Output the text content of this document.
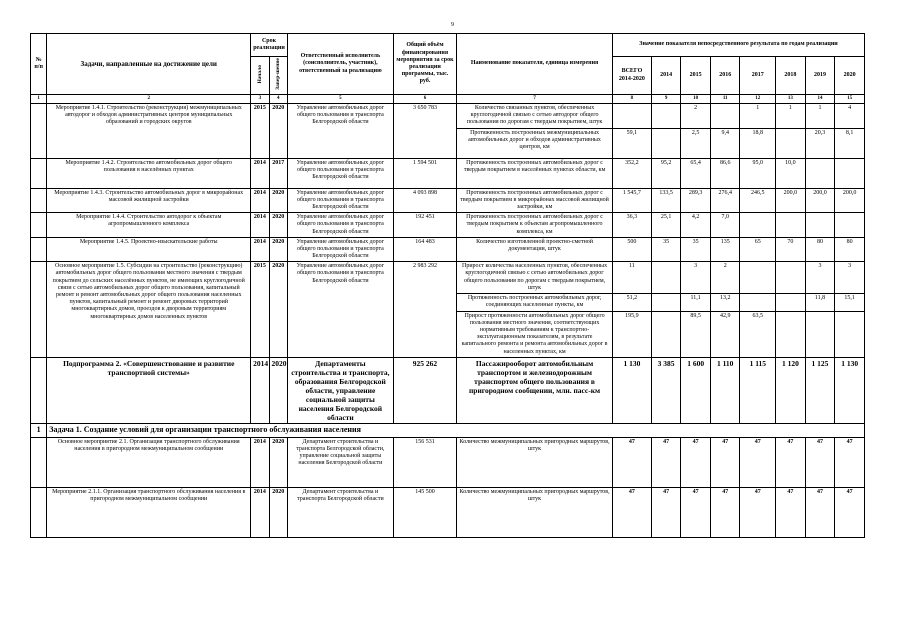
9
№ п/п	Задачи, направленные на достижение цели	Срок реализации		Ответственный исполнитель (соисполнитель, участник), ответственный за реализацию	Общий объём финансирования мероприятия за срок реализации программы, тыс. руб.	Наименование показателя, единица измерения	Значение показателя непосредственного результата по годам реализации							
		Начало	Завер-шение				ВСЕГО 2014-2020	2014	2015	2016	2017	2018	2019	2020
1	2	3	4	5	6	7	8	9	10	11	12	13	14	15
	Мероприятие 1.4.1. Строительство (реконструкция) межмуниципальных автодорог и обходов административных центров муниципальных образований и городских округов	2015	2020	Управление автомобильных дорог общего пользования и транспорта Белгородской области	3 650 783	Количество связанных пунктов, обеспеченных круглогодичной связью с сетью автодорог общего пользования по дорогам с твердым покрытием, штук			2		1	1	1	4
						Протяженность построенных межмуниципальных автомобильных дорог и обходов административных центров, км	59,1		2,5	9,4	18,8		20,3	8,1
	Мероприятие 1.4.2. Строительство автомобильных дорог общего пользования в населённых пунктах	2014	2017	Управление автомобильных дорог общего пользования и транспорта Белгородской области	1 594 501	Протяженность построенных автомобильных дорог с твердым покрытием в населённых пунктах области, км	352,2	95,2	65,4	86,6	95,0	10,0		
	Мероприятие 1.4.3. Строительство автомобильных дорог в микрорайонах массовой жилищной застройки	2014	2020	Управление автомобильных дорог общего пользования и транспорта Белгородской области	4 093 898	Протяженность построенных автомобильных дорог с твердым покрытием в микрорайонах массовой жилищной застройки, км	1 545,7	133,5	289,3	276,4	246,5	200,0	200,0	200,0
	Мероприятие 1.4.4. Строительство автодорог к объектам агропромышленного комплекса	2014	2020	Управление автомобильных дорог общего пользования и транспорта Белгородской области	192 451	Протяженность построенных автомобильных дорог с твердым покрытием к объектам агропромышленного комплекса, км	36,3	25,1	4,2	7,0				
	Мероприятие 1.4.5. Проектно-изыскательские работы	2014	2020	Управление автомобильных дорог общего пользования и транспорта Белгородской области	164 483	Количество изготовленной проектно-сметной документации, штук	500	35	35	135	65	70	80	80
	Основное мероприятие 1.5. Субсидии на строительство (реконструкцию) автомобильных дорог общего пользования местного значения с твердым покрытием до сельских населённых пунктов, не имеющих круглогодичной связи с сетью автомобильных дорог общего пользования, капитальный ремонт и ремонт автомобильных дорог общего пользования населенных пунктов, капитальный ремонт и ремонт дворовых территорий многоквартирных домов, проездов к дворовым территориям многоквартирных домов населенных пунктов	2015	2020	Управление автомобильных дорог общего пользования и транспорта Белгородской области	2 983 292	Прирост количества населенных пунктов, обеспеченных круглогодичной связью с сетью автомобильных дорог общего пользования по дорогам с твердым покрытием, штук	11		3	2			3	3
						Протяженность построенных автомобильных дорог, соединяющих населенные пункты, км	51,2		11,1	13,2			11,8	15,1
						Прирост протяженности автомобильных дорог общего пользования местного значения, соответствующих нормативным требованиям к транспортно-эксплуатационным показателям, в результате капитального ремонта и ремонта автомобильных дорог в населенных пунктах, км	195,9		89,5	42,9	63,5			
	Подпрограмма 2. «Совершенствование и развитие транспортной системы»	2014	2020	Департаменты строительства и транспорта, образования Белгородской области, управление социальной защиты населения Белгородской области	925 262	Пассажирооборот автомобильным транспортом и железнодорожным транспортом общего пользования в пригородном сообщении, млн. пасс-км	1 130	3 385	1 600	1 110	1 115	1 120	1 125	1 130
1	Задача 1. Создание условий для организации транспортного обслуживания населения													
	Основное мероприятие 2.1. Организация транспортного обслуживания населения в пригородном межмуниципальном сообщении	2014	2020	Департамент строительства и транспорта Белгородской области, управление социальной защиты населения Белгородской области	156 531	Количество межмуниципальных пригородных маршрутов, штук	47	47	47	47	47	47	47	47
	Мероприятие 2.1.1. Организация транспортного обслуживания населения в пригородном межмуниципальном сообщении	2014	2020	Департамент строительства и транспорта Белгородской области	145 500	Количество межмуниципальных пригородных маршрутов, штук	47	47	47	47	47	47	47	47
